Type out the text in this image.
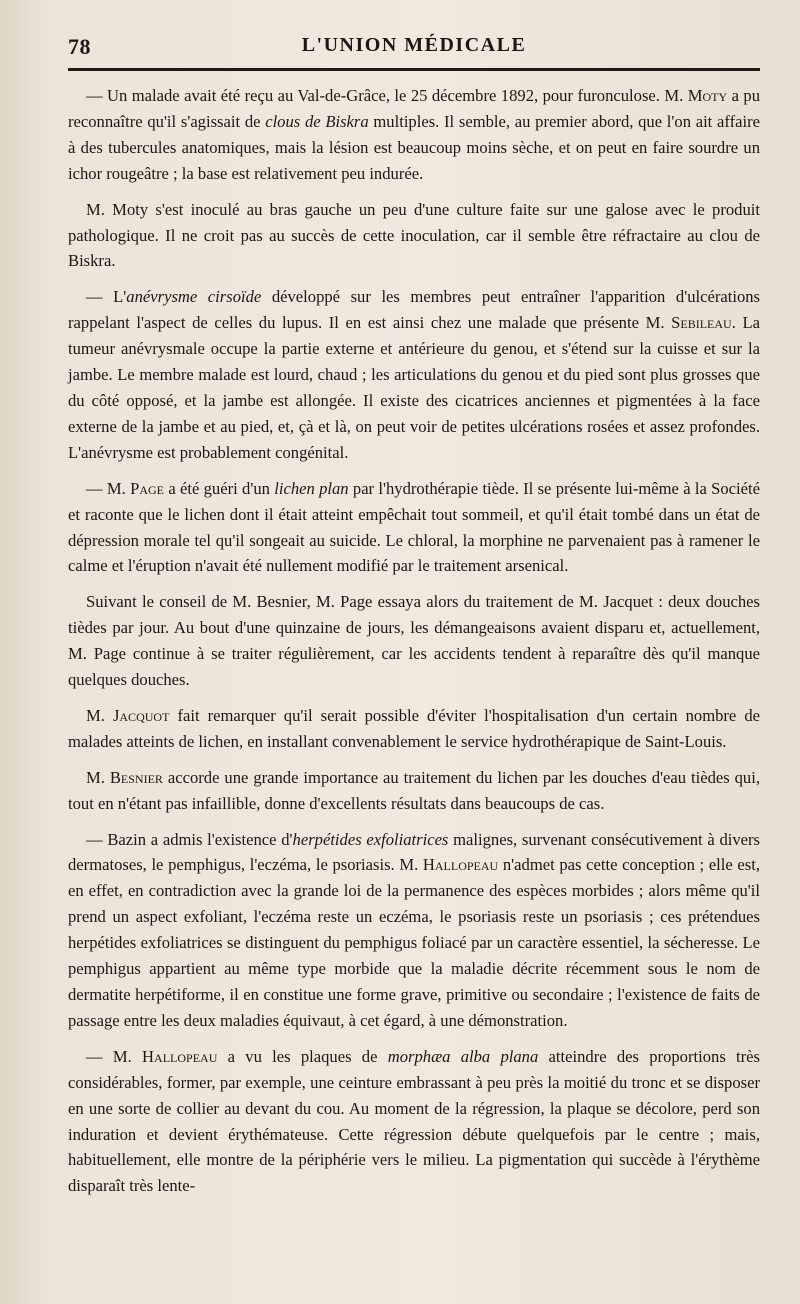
78	L'UNION MÉDICALE

— Un malade avait été reçu au Val-de-Grâce, le 25 décembre 1892, pour furonculose. M. Moty a pu reconnaître qu'il s'agissait de clous de Biskra multiples. Il semble, au premier abord, que l'on ait affaire à des tubercules anatomiques, mais la lésion est beaucoup moins sèche, et on peut en faire sourdre un ichor rougeâtre ; la base est relativement peu indurée.

M. Moty s'est inoculé au bras gauche un peu d'une culture faite sur une galose avec le produit pathologique. Il ne croit pas au succès de cette inoculation, car il semble être réfractaire au clou de Biskra.

— L'anévrysme cirsoïde développé sur les membres peut entraîner l'apparition d'ulcérations rappelant l'aspect de celles du lupus. Il en est ainsi chez une malade que présente M. Sebileau. La tumeur anévrysmale occupe la partie externe et antérieure du genou, et s'étend sur la cuisse et sur la jambe. Le membre malade est lourd, chaud ; les articulations du genou et du pied sont plus grosses que du côté opposé, et la jambe est allongée. Il existe des cicatrices anciennes et pigmentées à la face externe de la jambe et au pied, et, çà et là, on peut voir de petites ulcérations rosées et assez profondes. L'anévrysme est probablement congénital.

— M. Page a été guéri d'un lichen plan par l'hydrothérapie tiède. Il se présente lui-même à la Société et raconte que le lichen dont il était atteint empêchait tout sommeil, et qu'il était tombé dans un état de dépression morale tel qu'il songeait au suicide. Le chloral, la morphine ne parvenaient pas à ramener le calme et l'éruption n'avait été nullement modifié par le traitement arsenical.

Suivant le conseil de M. Besnier, M. Page essaya alors du traitement de M. Jacquet : deux douches tièdes par jour. Au bout d'une quinzaine de jours, les démangeaisons avaient disparu et, actuellement, M. Page continue à se traiter régulièrement, car les accidents tendent à reparaître dès qu'il manque quelques douches.

M. Jacquot fait remarquer qu'il serait possible d'éviter l'hospitalisation d'un certain nombre de malades atteints de lichen, en installant convenablement le service hydrothérapique de Saint-Louis.

M. Besnier accorde une grande importance au traitement du lichen par les douches d'eau tièdes qui, tout en n'étant pas infaillible, donne d'excellents résultats dans beaucoups de cas.

— Bazin a admis l'existence d'herpétides exfoliatrices malignes, survenant consécutivement à divers dermatoses, le pemphigus, l'eczéma, le psoriasis. M. Hallopeau n'admet pas cette conception ; elle est, en effet, en contradiction avec la grande loi de la permanence des espèces morbides ; alors même qu'il prend un aspect exfoliant, l'eczéma reste un eczéma, le psoriasis reste un psoriasis ; ces prétendues herpétides exfoliatrices se distinguent du pemphigus foliacé par un caractère essentiel, la sécheresse. Le pemphigus appartient au même type morbide que la maladie décrite récemment sous le nom de dermatite herpétiforme, il en constitue une forme grave, primitive ou secondaire ; l'existence de faits de passage entre les deux maladies équivaut, à cet égard, à une démonstration.

— M. Hallopeau a vu les plaques de morphæa alba plana atteindre des proportions très considérables, former, par exemple, une ceinture embrassant à peu près la moitié du tronc et se disposer en une sorte de collier au devant du cou. Au moment de la régression, la plaque se décolore, perd son induration et devient érythémateuse. Cette régression débute quelquefois par le centre ; mais, habituellement, elle montre de la périphérie vers le milieu. La pigmentation qui succède à l'érythème disparaît très lente-
